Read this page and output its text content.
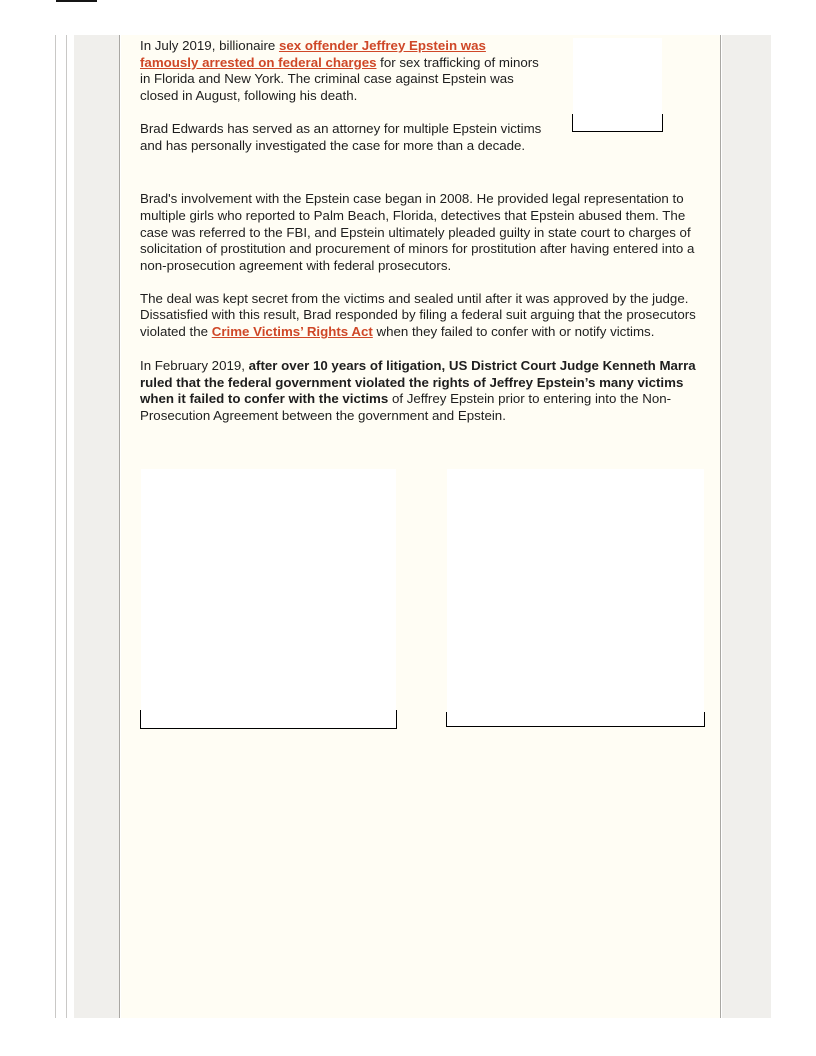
In July 2019, billionaire sex offender Jeffrey Epstein was famously arrested on federal charges for sex trafficking of minors in Florida and New York. The criminal case against Epstein was closed in August, following his death.

Brad Edwards has served as an attorney for multiple Epstein victims and has personally investigated the case for more than a decade.

Brad's involvement with the Epstein case began in 2008. He provided legal representation to multiple girls who reported to Palm Beach, Florida, detectives that Epstein abused them. The case was referred to the FBI, and Epstein ultimately pleaded guilty in state court to charges of solicitation of prostitution and procurement of minors for prostitution after having entered into a non-prosecution agreement with federal prosecutors.

The deal was kept secret from the victims and sealed until after it was approved by the judge. Dissatisfied with this result, Brad responded by filing a federal suit arguing that the prosecutors violated the Crime Victims’ Rights Act when they failed to confer with or notify victims.

In February 2019, after over 10 years of litigation, US District Court Judge Kenneth Marra ruled that the federal government violated the rights of Jeffrey Epstein’s many victims when it failed to confer with the victims of Jeffrey Epstein prior to entering into the Non-Prosecution Agreement between the government and Epstein.
